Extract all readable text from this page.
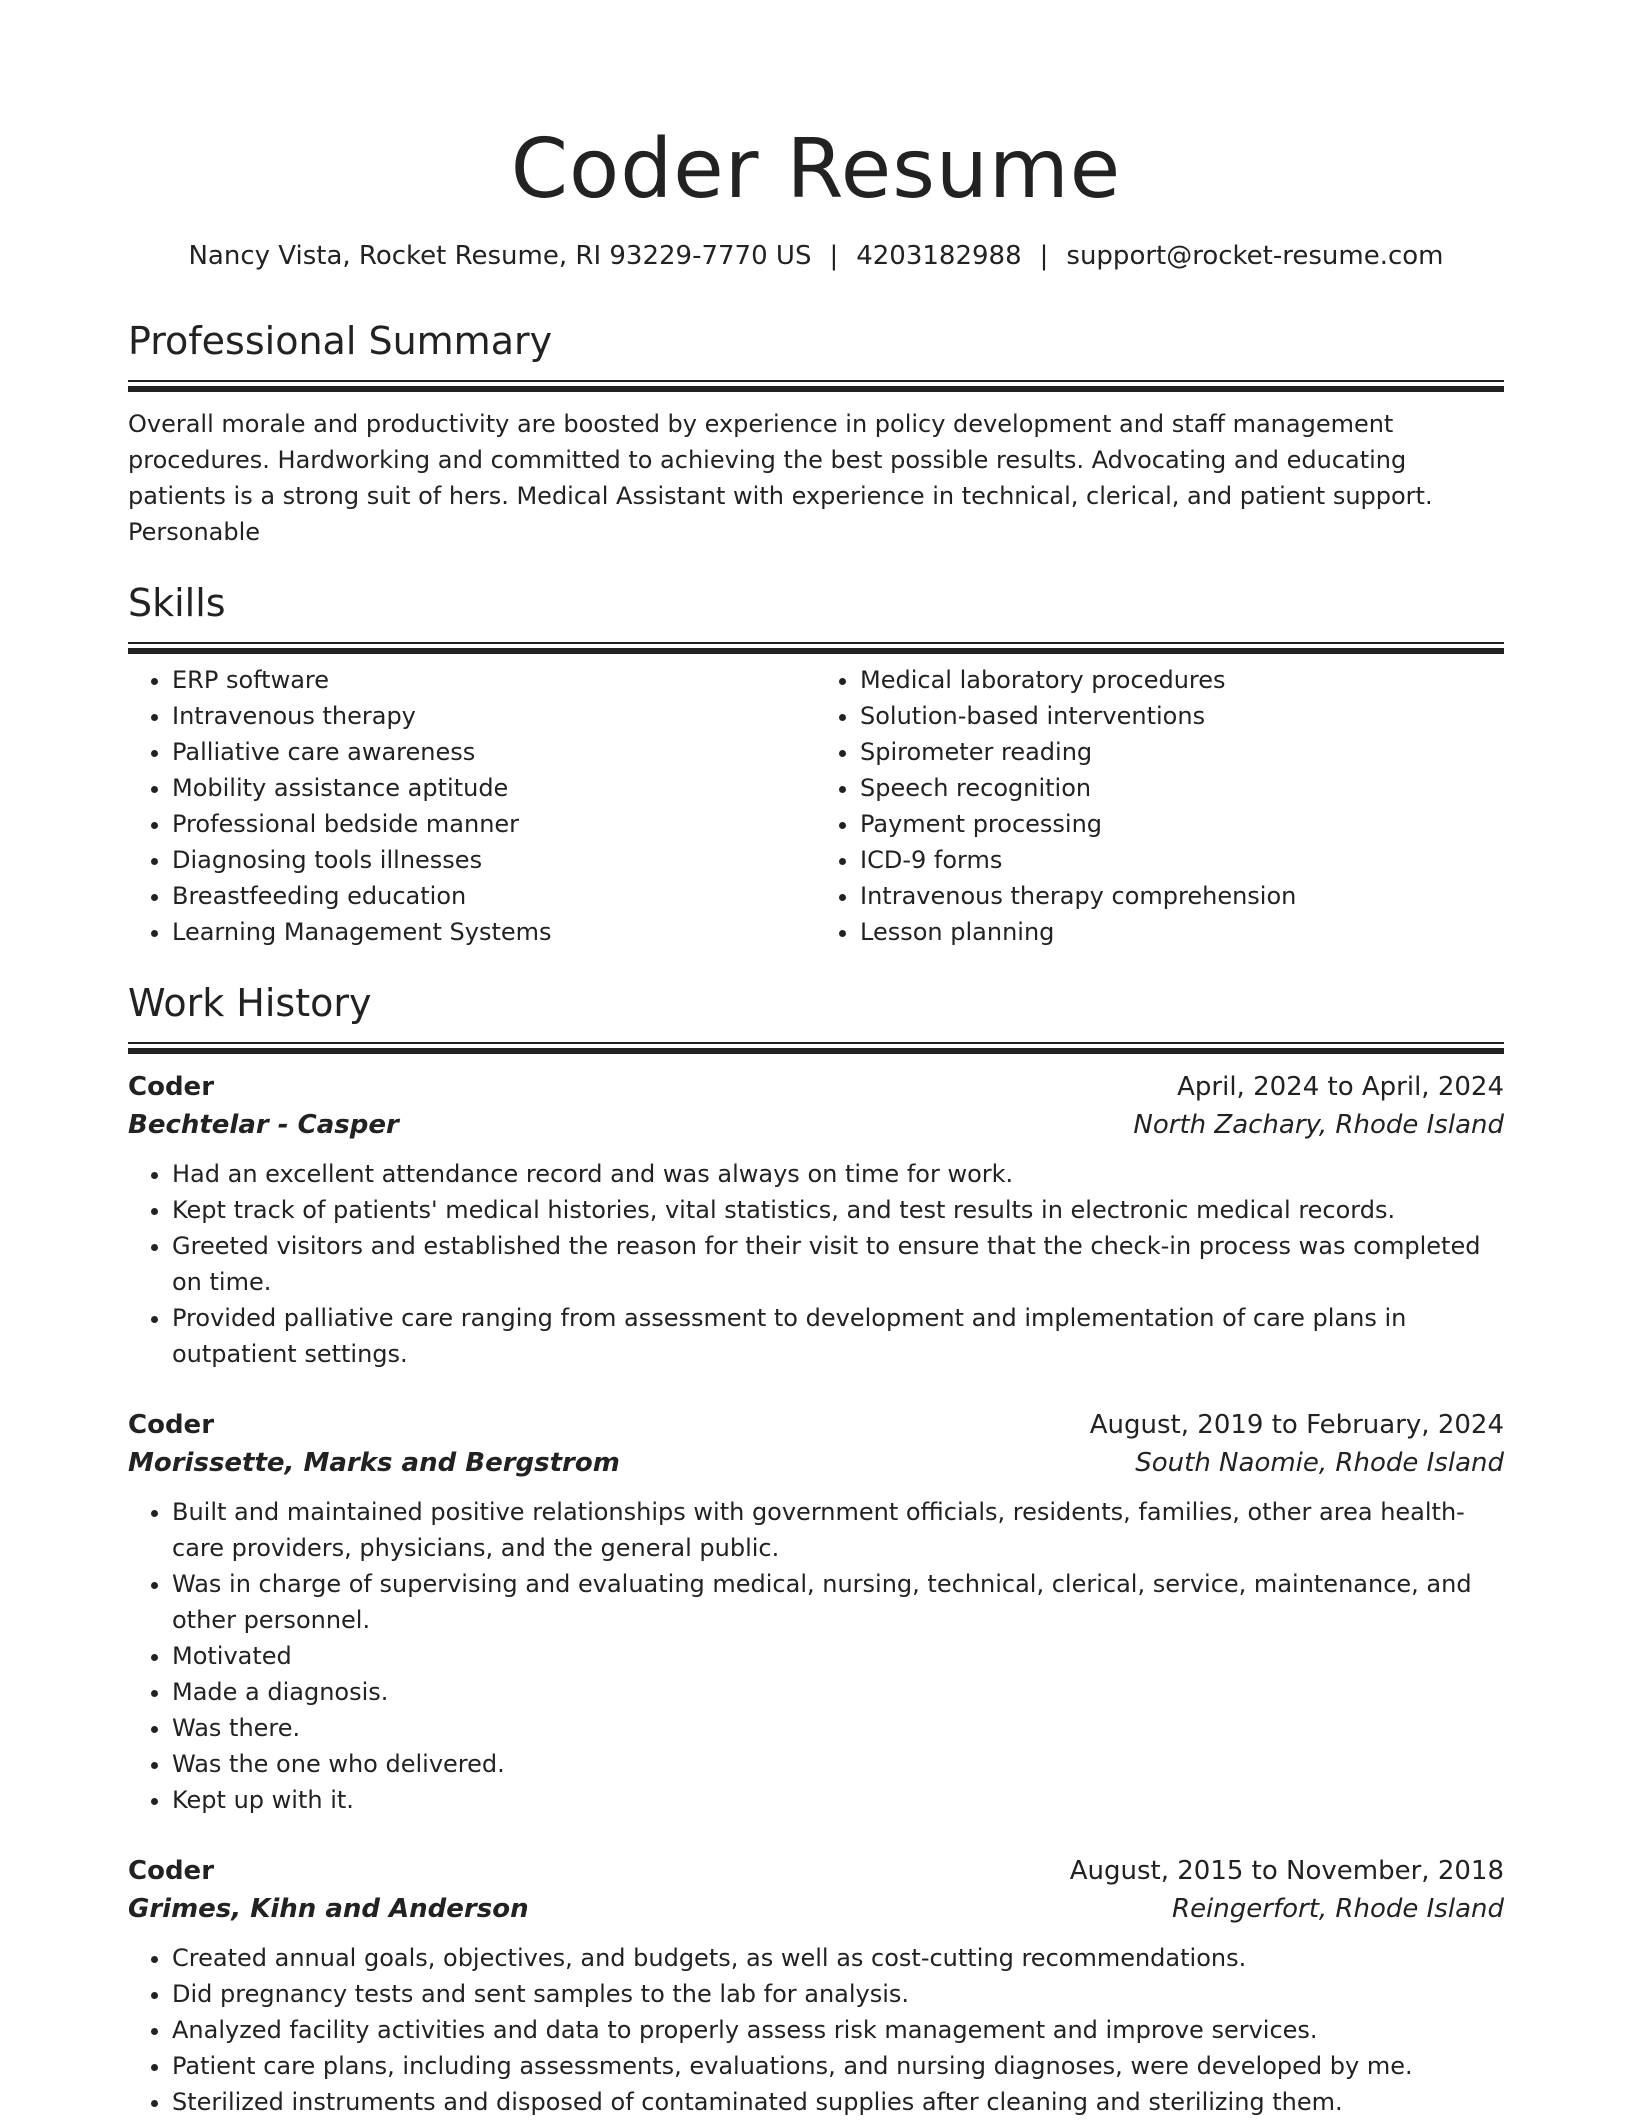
Coder Resume
Nancy Vista, Rocket Resume, RI 93229-7770 US | 4203182988 | support@rocket-resume.com
Professional Summary
Overall morale and productivity are boosted by experience in policy development and staff management procedures. Hardworking and committed to achieving the best possible results. Advocating and educating patients is a strong suit of hers. Medical Assistant with experience in technical, clerical, and patient support. Personable
Skills
• ERP software
• Intravenous therapy
• Palliative care awareness
• Mobility assistance aptitude
• Professional bedside manner
• Diagnosing tools illnesses
• Breastfeeding education
• Learning Management Systems
• Medical laboratory procedures
• Solution-based interventions
• Spirometer reading
• Speech recognition
• Payment processing
• ICD-9 forms
• Intravenous therapy comprehension
• Lesson planning
Work History
Coder	April, 2024 to April, 2024
Bechtelar - Casper	North Zachary, Rhode Island
• Had an excellent attendance record and was always on time for work.
• Kept track of patients' medical histories, vital statistics, and test results in electronic medical records.
• Greeted visitors and established the reason for their visit to ensure that the check-in process was completed on time.
• Provided palliative care ranging from assessment to development and implementation of care plans in outpatient settings.
Coder	August, 2019 to February, 2024
Morissette, Marks and Bergstrom	South Naomie, Rhode Island
• Built and maintained positive relationships with government officials, residents, families, other area health-care providers, physicians, and the general public.
• Was in charge of supervising and evaluating medical, nursing, technical, clerical, service, maintenance, and other personnel.
• Motivated
• Made a diagnosis.
• Was there.
• Was the one who delivered.
• Kept up with it.
Coder	August, 2015 to November, 2018
Grimes, Kihn and Anderson	Reingerfort, Rhode Island
• Created annual goals, objectives, and budgets, as well as cost-cutting recommendations.
• Did pregnancy tests and sent samples to the lab for analysis.
• Analyzed facility activities and data to properly assess risk management and improve services.
• Patient care plans, including assessments, evaluations, and nursing diagnoses, were developed by me.
• Sterilized instruments and disposed of contaminated supplies after cleaning and sterilizing them.
